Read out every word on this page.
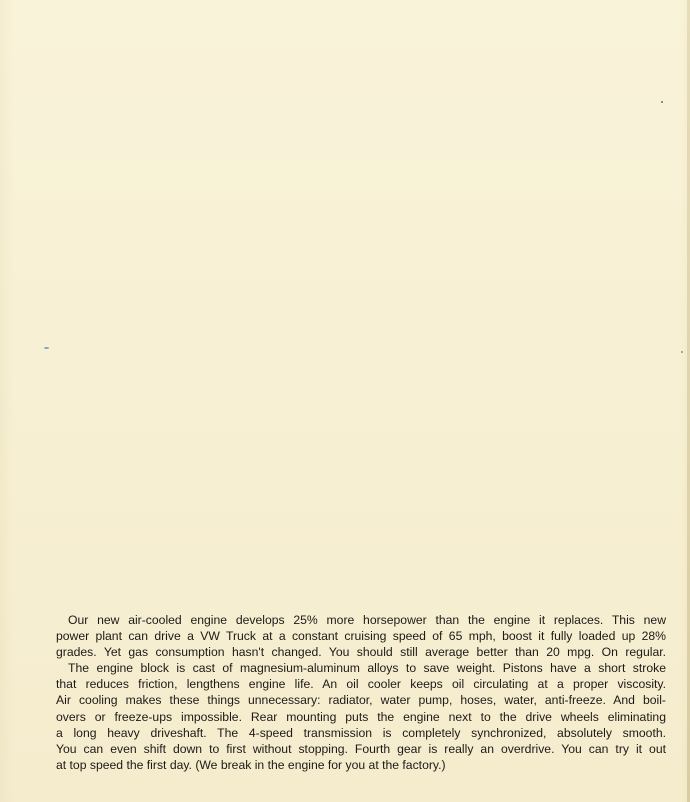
Our new air-cooled engine develops 25% more horsepower than the engine it replaces. This new
power plant can drive a VW Truck at a constant cruising speed of 65 mph, boost it fully loaded up 28%
grades. Yet gas consumption hasn't changed. You should still average better than 20 mpg. On regular.

The engine block is cast of magnesium-aluminum alloys to save weight. Pistons have a short stroke
that reduces friction, lengthens engine life. An oil cooler keeps oil circulating at a proper viscosity.
Air cooling makes these things unnecessary: radiator, water pump, hoses, water, anti-freeze. And boil-
overs or freeze-ups impossible. Rear mounting puts the engine next to the drive wheels eliminating
a long heavy driveshaft. The 4-speed transmission is completely synchronized, absolutely smooth.
You can even shift down to first without stopping. Fourth gear is really an overdrive. You can try it out
at top speed the first day. (We break in the engine for you at the factory.)
